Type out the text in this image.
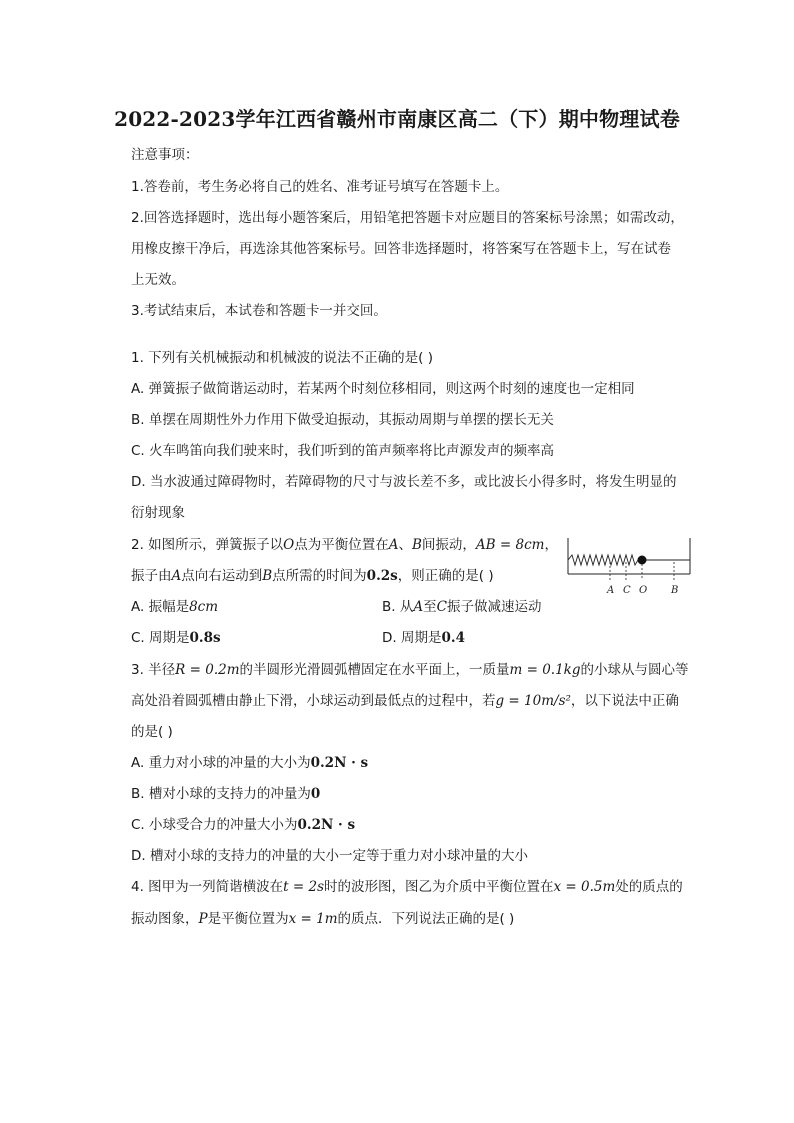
2022-2023学年江西省赣州市南康区高二（下）期中物理试卷
注意事项：
1.答卷前，考生务必将自己的姓名、准考证号填写在答题卡上。
2.回答选择题时，选出每小题答案后，用铅笔把答题卡对应题目的答案标号涂黑；如需改动，
用橡皮擦干净后，再选涂其他答案标号。回答非选择题时，将答案写在答题卡上，写在试卷
上无效。
3.考试结束后，本试卷和答题卡一并交回。
1. 下列有关机械振动和机械波的说法不正确的是( )
A. 弹簧振子做简谐运动时，若某两个时刻位移相同，则这两个时刻的速度也一定相同
B. 单摆在周期性外力作用下做受迫振动，其振动周期与单摆的摆长无关
C. 火车鸣笛向我们驶来时，我们听到的笛声频率将比声源发声的频率高
D. 当水波通过障碍物时，若障碍物的尺寸与波长差不多，或比波长小得多时，将发生明显的
衍射现象
2. 如图所示，弹簧振子以O点为平衡位置在A、B间振动，AB = 8cm，
振子由A点向右运动到B点所需的时间为0.2s，则正确的是( )
A C O B
A. 振幅是8cm	B. 从A至C振子做减速运动
C. 周期是0.8s	D. 周期是0.4
3. 半径R = 0.2m的半圆形光滑圆弧槽固定在水平面上，一质量m = 0.1kg的小球从与圆心等
高处沿着圆弧槽由静止下滑，小球运动到最低点的过程中，若g = 10m/s²，以下说法中正确
的是( )
A. 重力对小球的冲量的大小为0.2N · s
B. 槽对小球的支持力的冲量为0
C. 小球受合力的冲量大小为0.2N · s
D. 槽对小球的支持力的冲量的大小一定等于重力对小球冲量的大小
4. 图甲为一列简谐横波在t = 2s时的波形图，图乙为介质中平衡位置在x = 0.5m处的质点的
振动图象，P是平衡位置为x = 1m的质点．下列说法正确的是( )
